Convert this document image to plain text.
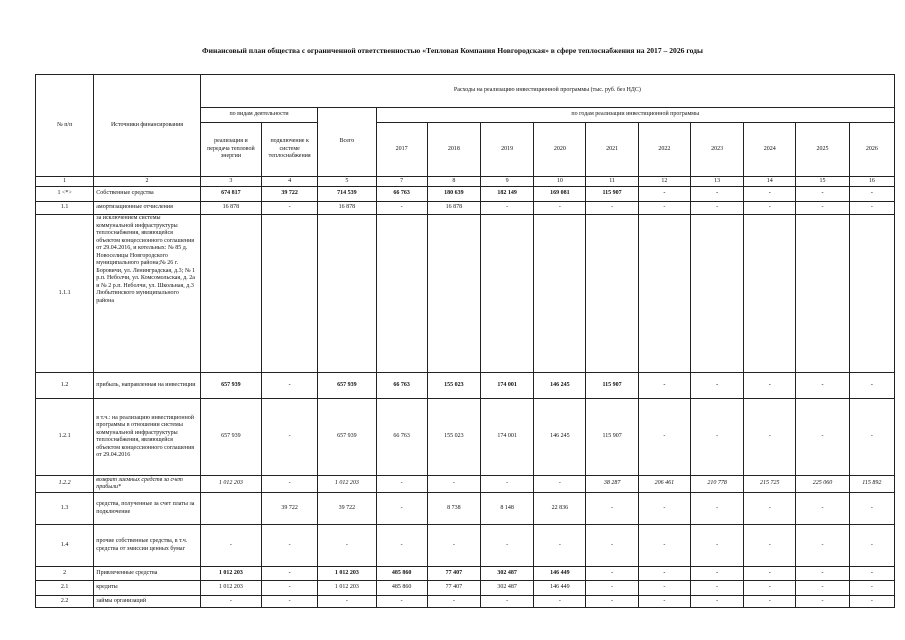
Финансовый план общества с ограниченной ответственностью «Тепловая Компания Новгородская» в сфере теплоснабжения на 2017 – 2026 годы
№ п/п	Источники финансирования	Расходы на реализацию инвестиционной программы (тыс. руб. без НДС)												
		по видам деятельности		Всего	по годам реализации инвестиционной программы									
		реализация и передача тепловой энергии	подключение к системе теплоснабжения		2017	2018	2019	2020	2021	2022	2023	2024	2025	2026
1	2	3	4	5	7	8	9	10	11	12	13	14	15	16
1 <*>	Собственные средства	674 817	39 722	714 539	66 763	180 639	182 149	169 081	115 907	-	-	-	-	-
1.1	амортизационные отчисления	16 878	-	16 878	-	16 878	-	-	-	-	-	-	-	-
1.1.1	за исключением системы коммунальной инфраструктуры теплоснабжения, являющейся объектом концессионного соглашения от 29.04.2016, и котельных: № 85 д. Новоселицы Новгородского муниципального района;№ 26 г. Боровичи, ул. Ленинградская, д.3; № 1 р.п. Неболчи, ул. Комсомольская, д. 2а и № 2 р.п. Неболчи, ул. Школьная, д.3 Любытинского муниципального района													
1.2	прибыль, направленная на инвестиции	657 939	-	657 939	66 763	155 023	174 001	146 245	115 907	-	-	-	-	-
1.2.1	в т.ч.: на реализацию инвестиционной программы в отношении системы коммунальной инфраструктуры теплоснабжения, являющейся объектом концессионного соглашения от 29.04.2016	657 939	-	657 939	66 763	155 023	174 001	146 245	115 907	-	-	-	-	-
1.2.2	возврат заемных средств за счет прибыли*	1 012 203	-	1 012 203	-	-	-	-	38 287	206 461	210 778	215 725	225 060	115 892
1.3	средства, полученные за счет платы за подключение		39 722	39 722	-	8 738	8 148	22 836	-	-	-	-	-	-
1.4	прочие собственные средства, в т.ч. средства от эмиссии ценных бумаг	-	-	-	-	-	-	-	-	-	-	-	-	-
2	Привлеченные средства	1 012 203	-	1 012 203	485 860	77 407	302 487	146 449	-	-	-	-	-	-
2.1	кредиты	1 012 203	-	1 012 203	485 860	77 407	302 487	146 449	-	-	-	-	-	-
2.2	займы организаций	-	-	-	-	-	-	-	-	-	-	-	-	-
